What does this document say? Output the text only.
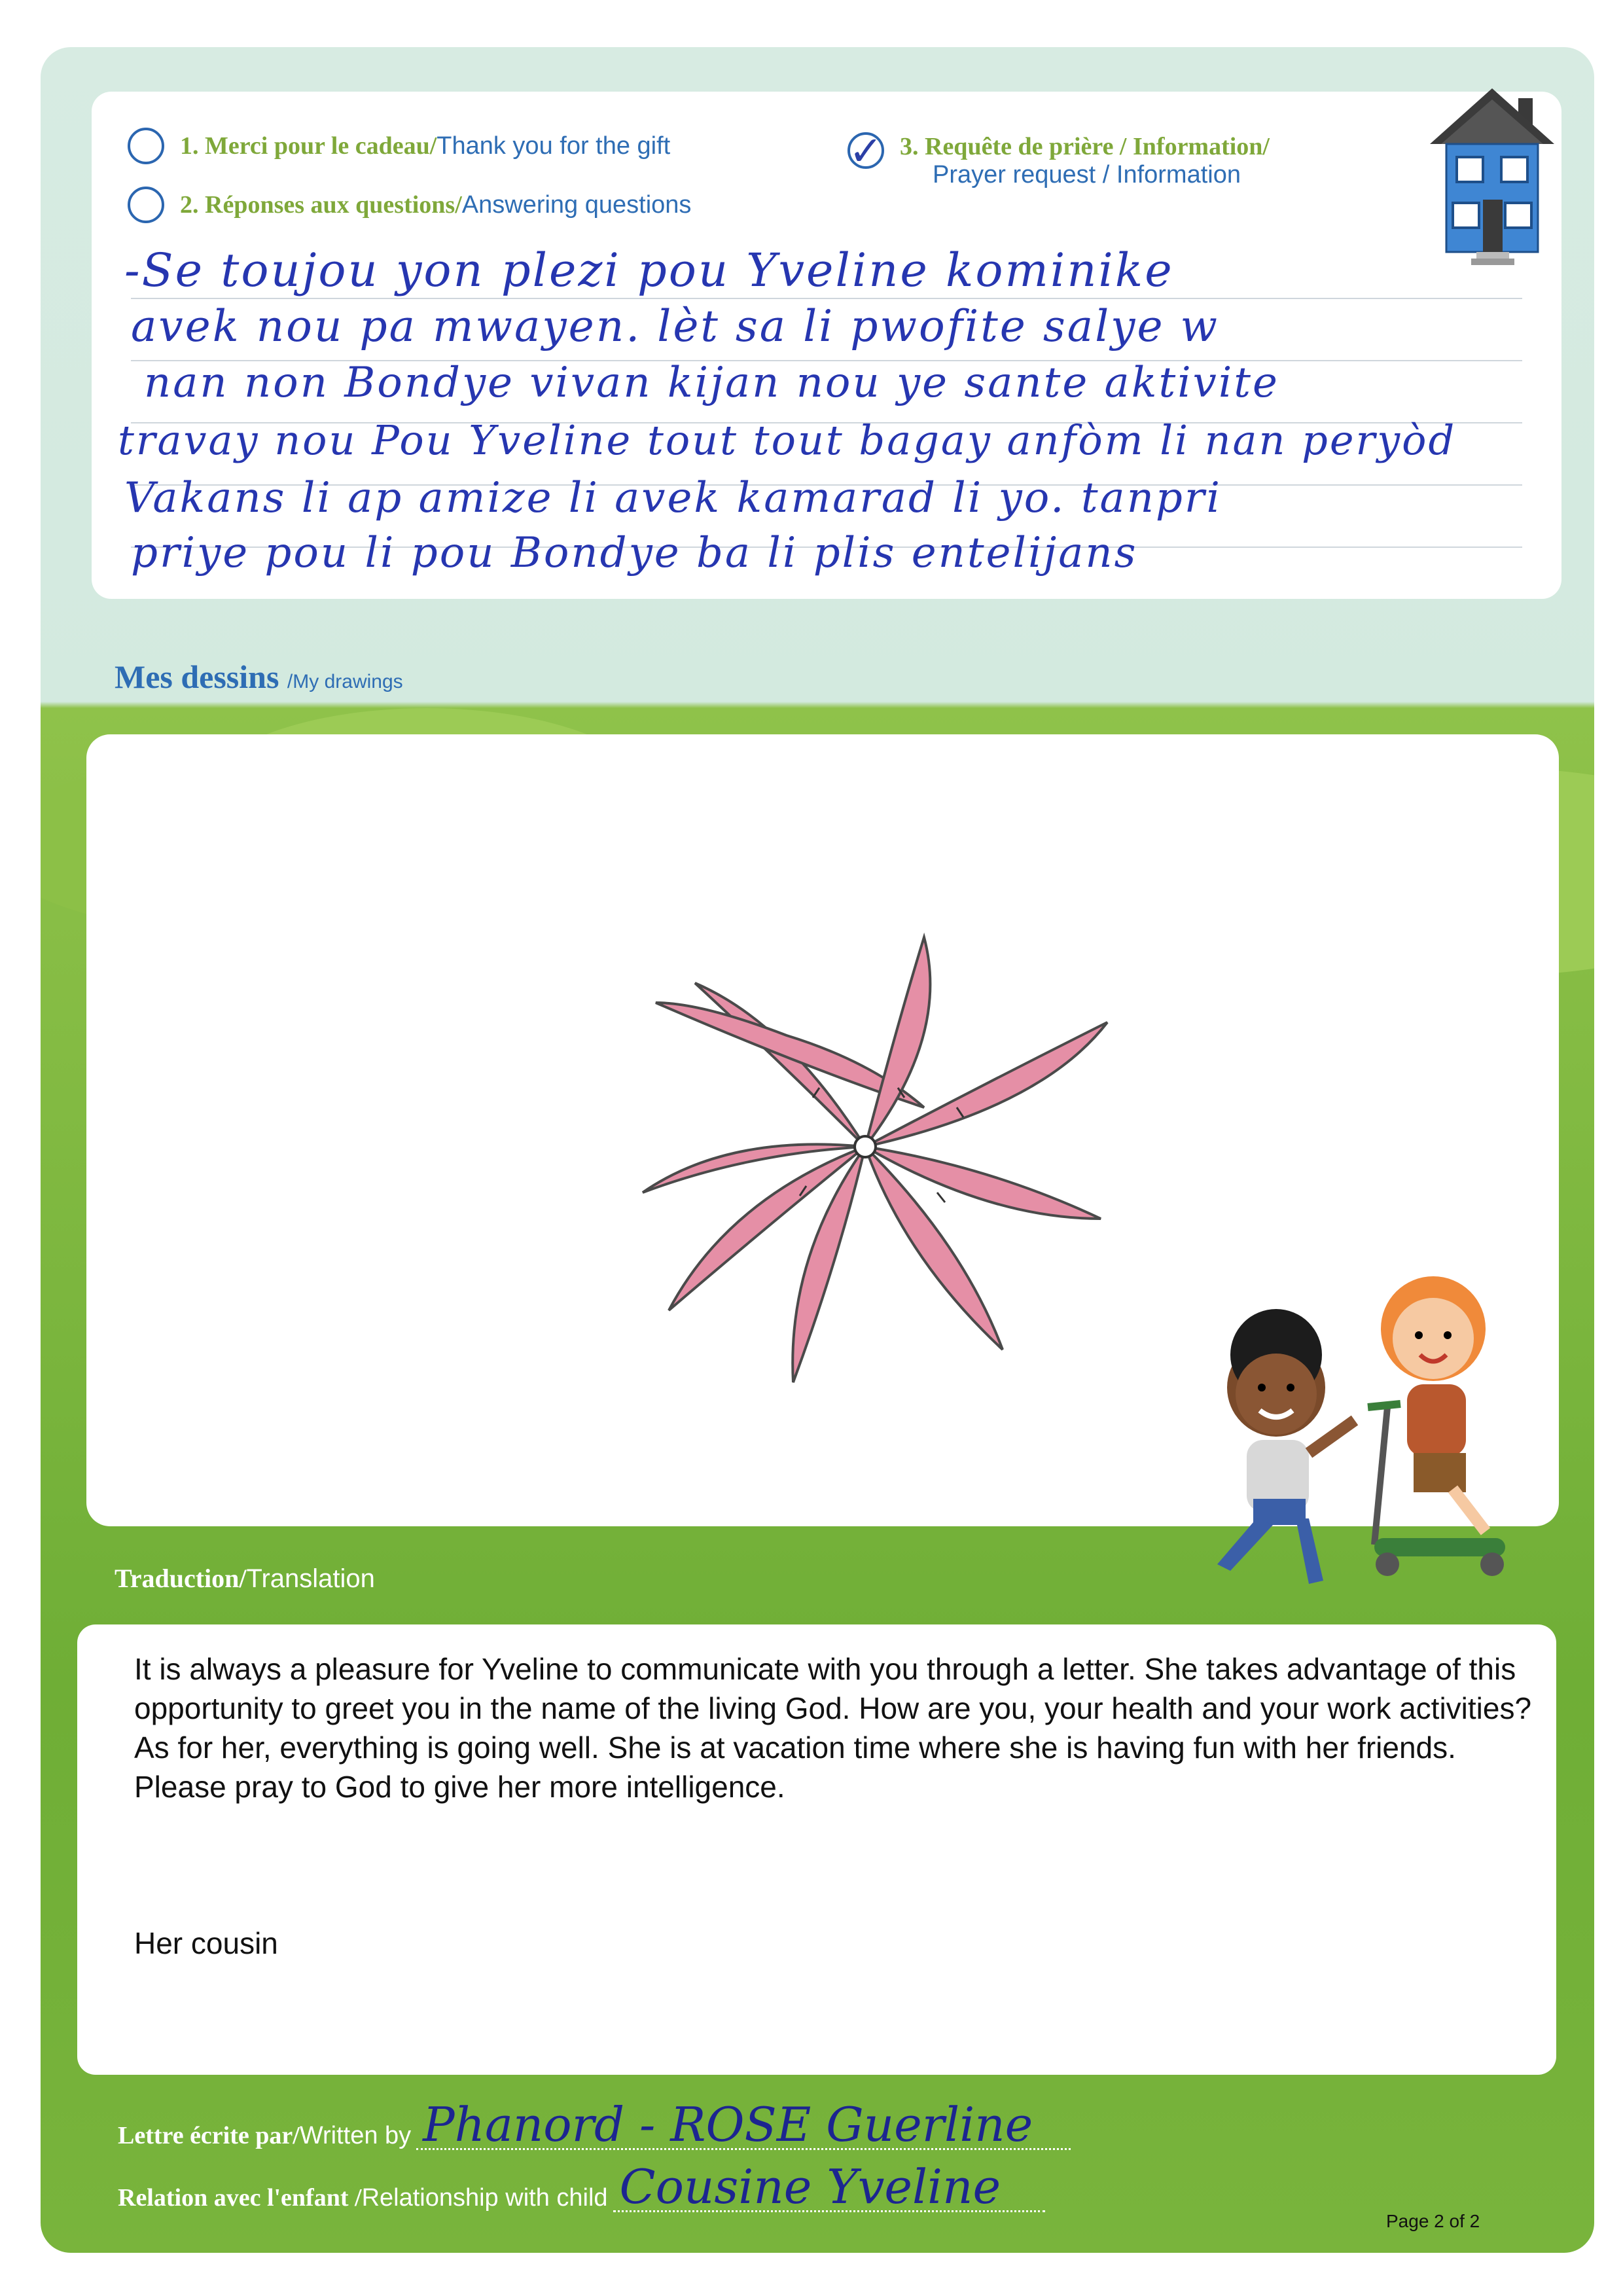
1. Merci pour le cadeau/Thank you for the gift
2. Réponses aux questions/Answering questions
✓ 3. Requête de prière / Information/
Prayer request / Information
-Se toujou yon plezi pou Yveline kominike
avek nou pa mwayen. lèt sa li pwofite salye w
nan non Bondye vivan kijan nou ye sante aktivite
travay nou Pou Yveline tout tout bagay anfòm li nan peryòd
Vakans li ap amize li avek kamarad li yo. tanpri
priye pou li pou Bondye ba li plis entelijans
Mes dessins /My drawings
Traduction/Translation
It is always a pleasure for Yveline to communicate with you through a letter. She takes advantage of this opportunity to greet you in the name of the living God. How are you, your health and your work activities? As for her, everything is going well. She is at vacation time where she is having fun with her friends. Please pray to God to give her more intelligence.
Her cousin
Lettre écrite par/ Written by Phanord - ROSE Guerline
Relation avec l'enfant / Relationship with child Cousine Yveline
Page 2 of 2
